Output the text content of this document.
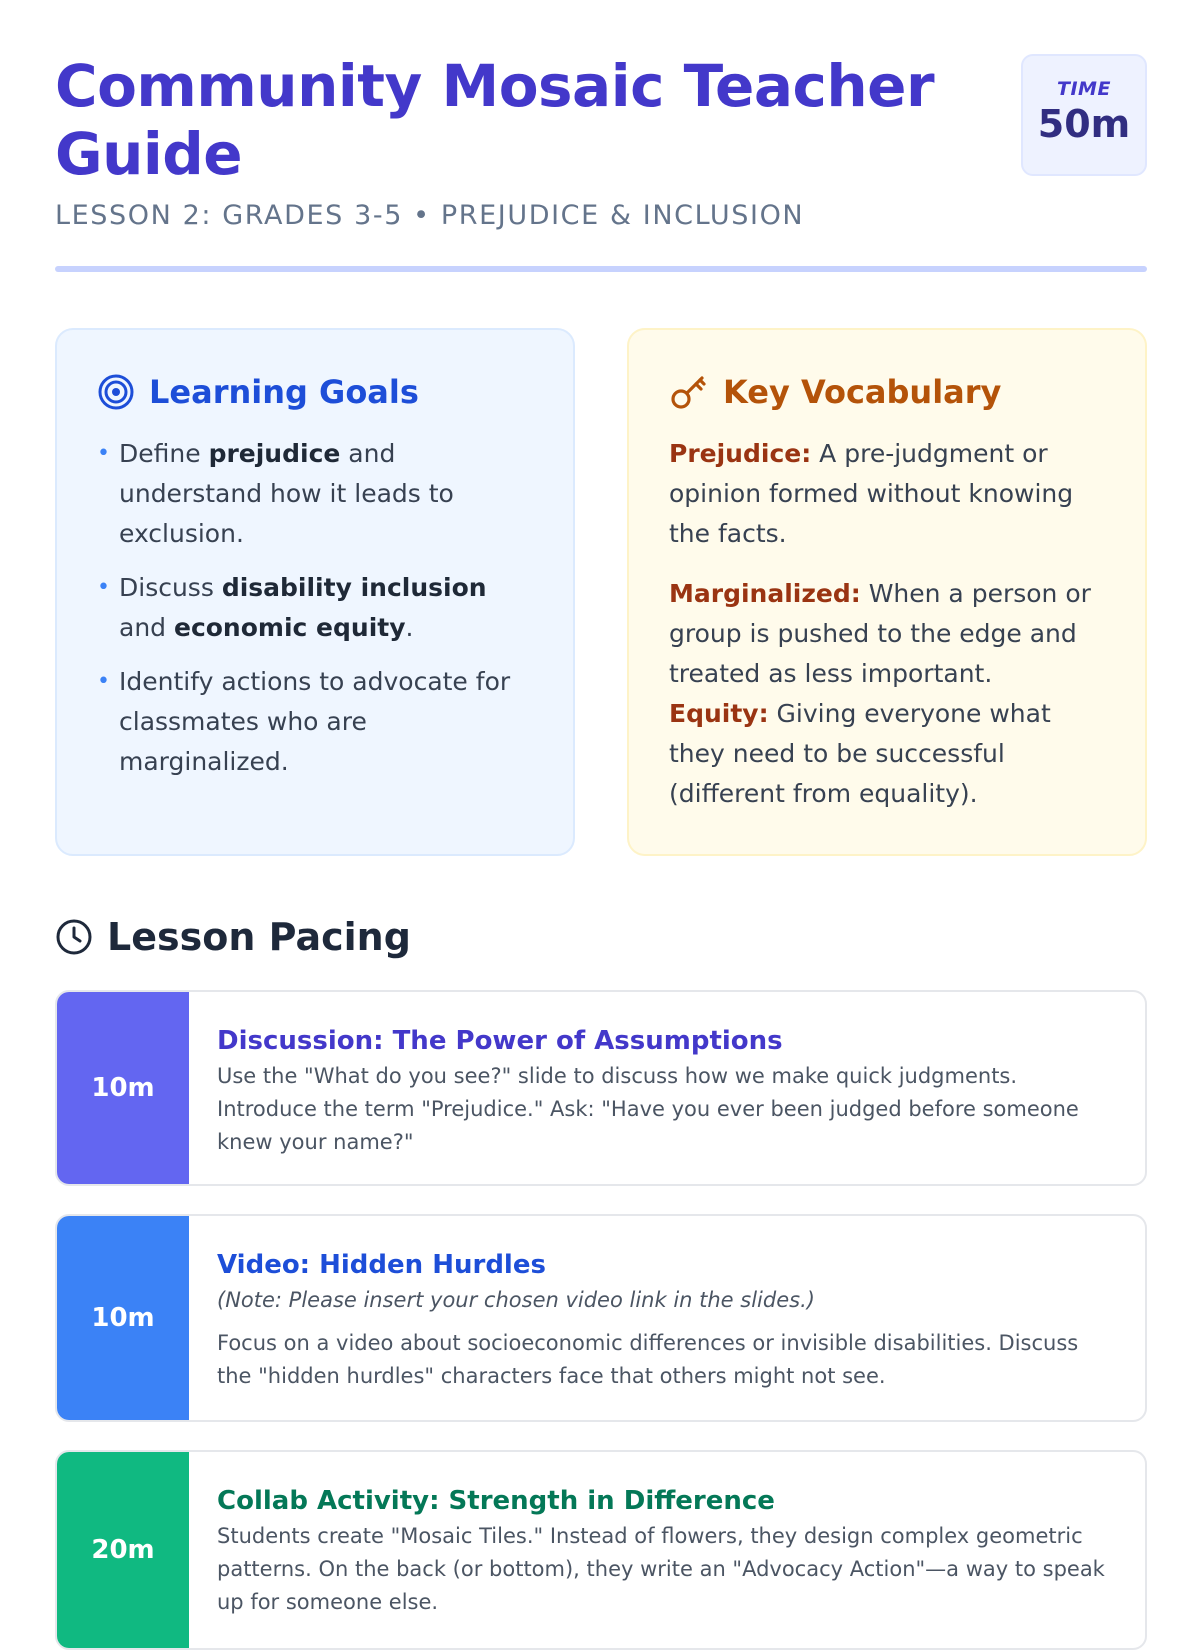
Community Mosaic Teacher Guide

LESSON 2: GRADES 3-5 • PREJUDICE & INCLUSION

TIME
50m
Learning Goals
• Define prejudice and understand how it leads to exclusion.
• Discuss disability inclusion and economic equity.
• Identify actions to advocate for classmates who are marginalized.
Key Vocabulary

Prejudice: A pre-judgment or opinion formed without knowing the facts.

Marginalized: When a person or group is pushed to the edge and treated as less important.

Equity: Giving everyone what they need to be successful (different from equality).

Lesson Pacing
10m
Discussion: The Power of Assumptions

Use the "What do you see?" slide to discuss how we make quick judgments. Introduce the term "Prejudice." Ask: "Have you ever been judged before someone knew your name?"

10m
Video: Hidden Hurdles

(Note: Please insert your chosen video link in the slides.)

Focus on a video about socioeconomic differences or invisible disabilities. Discuss the "hidden hurdles" characters face that others might not see.

20m
Collab Activity: Strength in Difference

Students create "Mosaic Tiles." Instead of flowers, they design complex geometric patterns. On the back (or bottom), they write an "Advocacy Action"—a way to speak up for someone else.
